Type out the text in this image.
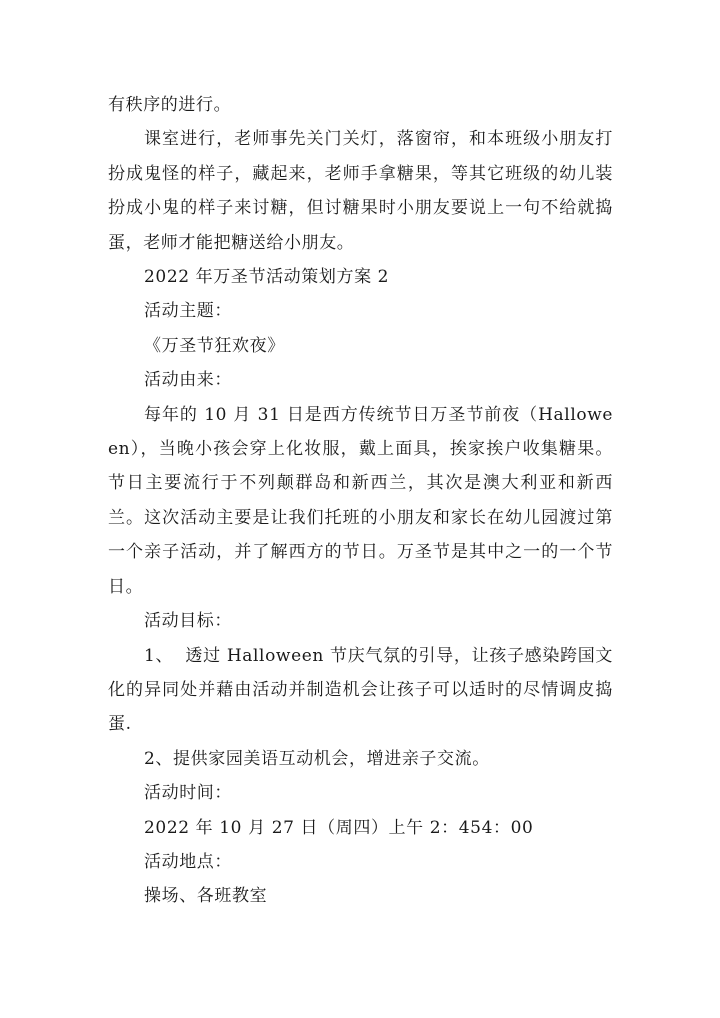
有秩序的进行。

课室进行，老师事先关门关灯，落窗帘，和本班级小朋友打扮成鬼怪的样子，藏起来，老师手拿糖果，等其它班级的幼儿装扮成小鬼的样子来讨糖，但讨糖果时小朋友要说上一句不给就捣蛋，老师才能把糖送给小朋友。

2022 年万圣节活动策划方案 2

活动主题：

《万圣节狂欢夜》

活动由来：

每年的 10 月 31 日是西方传统节日万圣节前夜（Halloween），当晚小孩会穿上化妆服，戴上面具，挨家挨户收集糖果。节日主要流行于不列颠群岛和新西兰，其次是澳大利亚和新西兰。这次活动主要是让我们托班的小朋友和家长在幼儿园渡过第一个亲子活动，并了解西方的节日。万圣节是其中之一的一个节日。

活动目标：

1、  透过 Halloween 节庆气氛的引导，让孩子感染跨国文化的异同处并藉由活动并制造机会让孩子可以适时的尽情调皮捣蛋.

2、提供家园美语互动机会，增进亲子交流。

活动时间：

2022 年 10 月 27 日（周四）上午 2：454：00

活动地点：

操场、各班教室
